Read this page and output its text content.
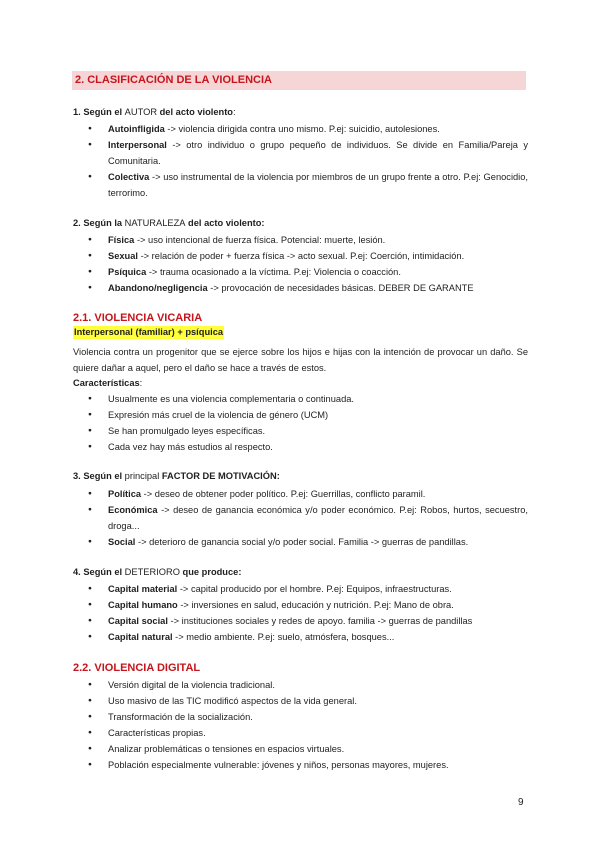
2. CLASIFICACIÓN DE LA VIOLENCIA
1. Según el AUTOR del acto violento:
● Autoinfligida -> violencia dirigida contra uno mismo. P.ej: suicidio, autolesiones.
● Interpersonal -> otro individuo o grupo pequeño de individuos. Se divide en Familia/Pareja y Comunitaria.
● Colectiva -> uso instrumental de la violencia por miembros de un grupo frente a otro. P.ej: Genocidio, terrorimo.
2. Según la NATURALEZA del acto violento:
● Física -> uso intencional de fuerza física. Potencial: muerte, lesión.
● Sexual -> relación de poder + fuerza física -> acto sexual. P.ej: Coerción, intimidación.
● Psíquica -> trauma ocasionado a la víctima. P.ej: Violencia o coacción.
● Abandono/negligencia -> provocación de necesidades básicas. DEBER DE GARANTE
2.1. VIOLENCIA VICARIA
Interpersonal (familiar) + psíquica
Violencia contra un progenitor que se ejerce sobre los hijos e hijas con la intención de provocar un daño. Se quiere dañar a aquel, pero el daño se hace a través de estos.
Características:
● Usualmente es una violencia complementaria o continuada.
● Expresión más cruel de la violencia de género (UCM)
● Se han promulgado leyes específicas.
● Cada vez hay más estudios al respecto.
3. Según el principal FACTOR DE MOTIVACIÓN:
● Política -> deseo de obtener poder político. P.ej: Guerrillas, conflicto paramil.
● Económica -> deseo de ganancia económica y/o poder económico. P.ej: Robos, hurtos, secuestro, droga...
● Social -> deterioro de ganancia social y/o poder social. Familia -> guerras de pandillas.
4. Según el DETERIORO que produce:
● Capital material -> capital producido por el hombre. P.ej: Equipos, infraestructuras.
● Capital humano -> inversiones en salud, educación y nutrición. P.ej: Mano de obra.
● Capital social -> instituciones sociales y redes de apoyo. familia -> guerras de pandillas
● Capital natural -> medio ambiente. P.ej: suelo, atmósfera, bosques...
2.2. VIOLENCIA DIGITAL
● Versión digital de la violencia tradicional.
● Uso masivo de las TIC modificó aspectos de la vida general.
● Transformación de la socialización.
● Características propias.
● Analizar problemáticas o tensiones en espacios virtuales.
● Población especialmente vulnerable: jóvenes y niños, personas mayores, mujeres.
9
